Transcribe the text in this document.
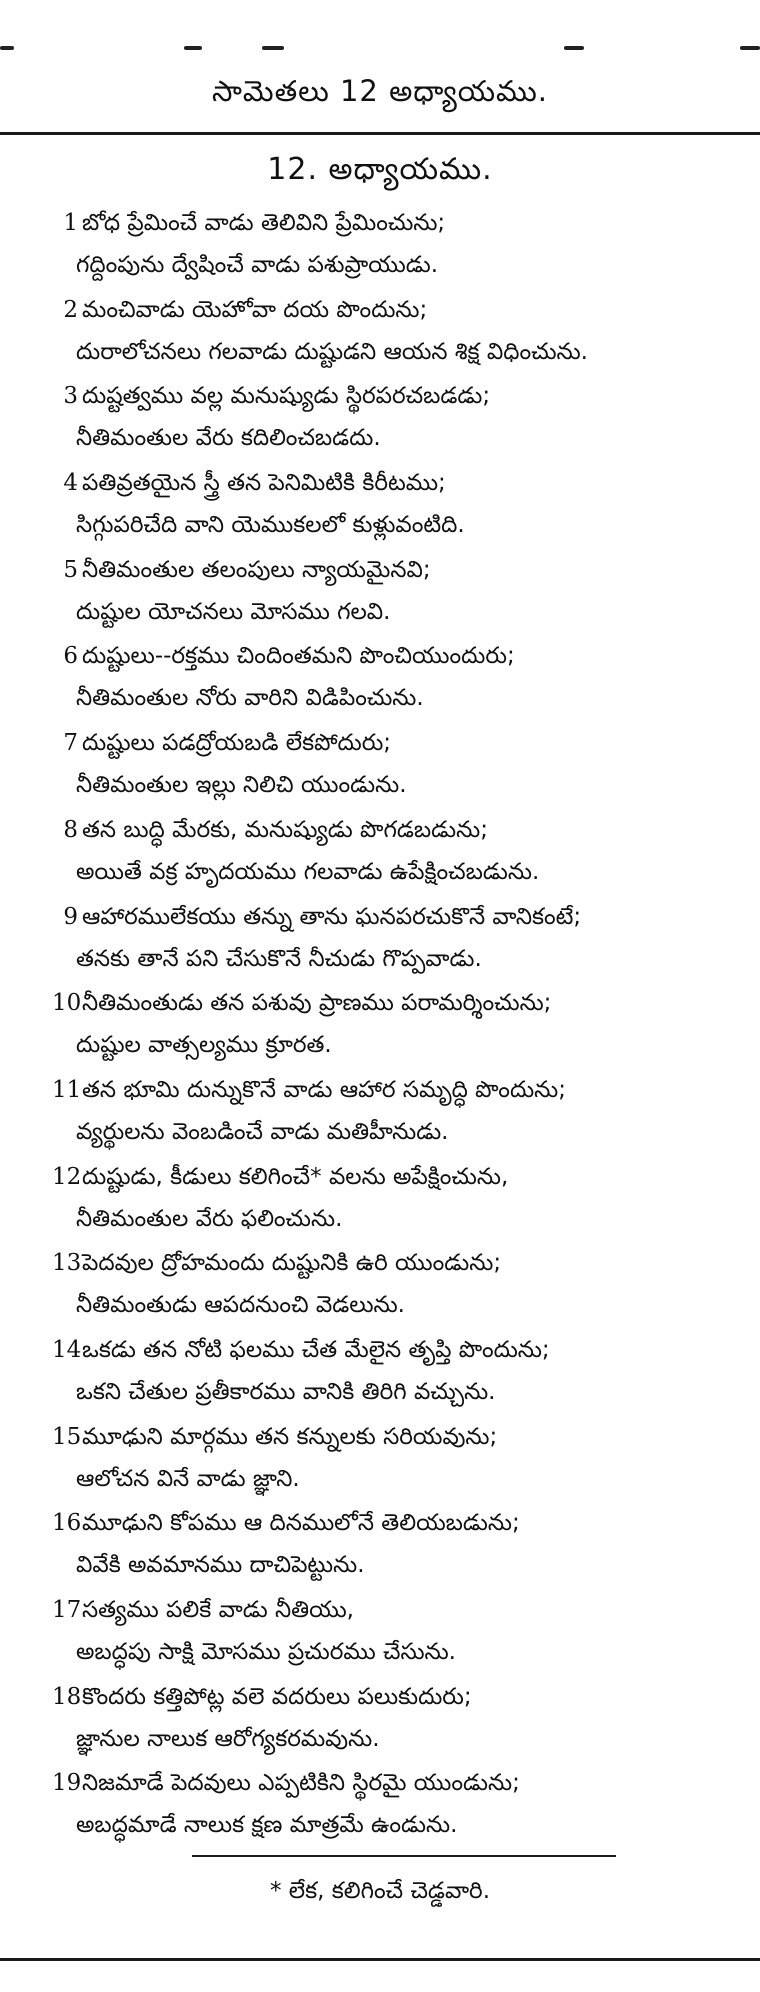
సామెతలు 12 అధ్యాయము.
12. అధ్యాయము.
1 బోధ ప్రేమించే వాడు తెలివిని ప్రేమించును;
గద్దింపును ద్వేషించే వాడు పశుప్రాయుడు.
2 మంచివాడు యెహోవా దయ పొందును;
దురాలోచనలు గలవాడు దుష్టుడని ఆయన శిక్ష విధించును.
3 దుష్టత్వము వల్ల మనుష్యుడు స్థిరపరచబడడు;
నీతిమంతుల వేరు కదిలించబడదు.
4 పతివ్రతయైన స్త్రీ తన పెనిమిటికి కిరీటము;
సిగ్గుపరిచేది వాని యెముకలలో కుళ్లువంటిది.
5 నీతిమంతుల తలంపులు న్యాయమైనవి;
దుష్టుల యోచనలు మోసము గలవి.
6 దుష్టులు--రక్తము చిందింతమని పొంచియుందురు;
నీతిమంతుల నోరు వారిని విడిపించును.
7 దుష్టులు పడద్రోయబడి లేకపోదురు;
నీతిమంతుల ఇల్లు నిలిచి యుండును.
8 తన బుద్ధి మేరకు, మనుష్యుడు పొగడబడును;
అయితే వక్ర హృదయము గలవాడు ఉపేక్షించబడును.
9 ఆహారములేకయు తన్ను తాను ఘనపరచుకొనే వానికంటే;
తనకు తానే పని చేసుకొనే నీచుడు గొప్పవాడు.
10 నీతిమంతుడు తన పశువు ప్రాణము పరామర్శించును;
దుష్టుల వాత్సల్యము క్రూరత.
11 తన భూమి దున్నుకొనే వాడు ఆహార సమృద్ధి పొందును;
వ్యర్థులను వెంబడించే వాడు మతిహీనుడు.
12 దుష్టుడు, కీడులు కలిగించే* వలను అపేక్షించును,
నీతిమంతుల వేరు ఫలించును.
13 పెదవుల ద్రోహమందు దుష్టునికి ఉరి యుండును;
నీతిమంతుడు ఆపదనుంచి వెడలును.
14 ఒకడు తన నోటి ఫలము చేత మేలైన తృప్తి పొందును;
ఒకని చేతుల ప్రతీకారము వానికి తిరిగి వచ్చును.
15 మూఢుని మార్గము తన కన్నులకు సరియవును;
ఆలోచన వినే వాడు జ్ఞాని.
16 మూఢుని కోపము ఆ దినములోనే తెలియబడును;
వివేకి అవమానము దాచిపెట్టును.
17 సత్యము పలికే వాడు నీతియు,
అబద్ధపు సాక్షి మోసము ప్రచురము చేసును.
18 కొందరు కత్తిపోట్ల వలె వదరులు పలుకుదురు;
జ్ఞానుల నాలుక ఆరోగ్యకరమవును.
19 నిజమాడే పెదవులు ఎప్పటికిని స్థిరమై యుండును;
అబద్ధమాడే నాలుక క్షణ మాత్రమే ఉండును.
* లేక, కలిగించే చెడ్డవారి.
